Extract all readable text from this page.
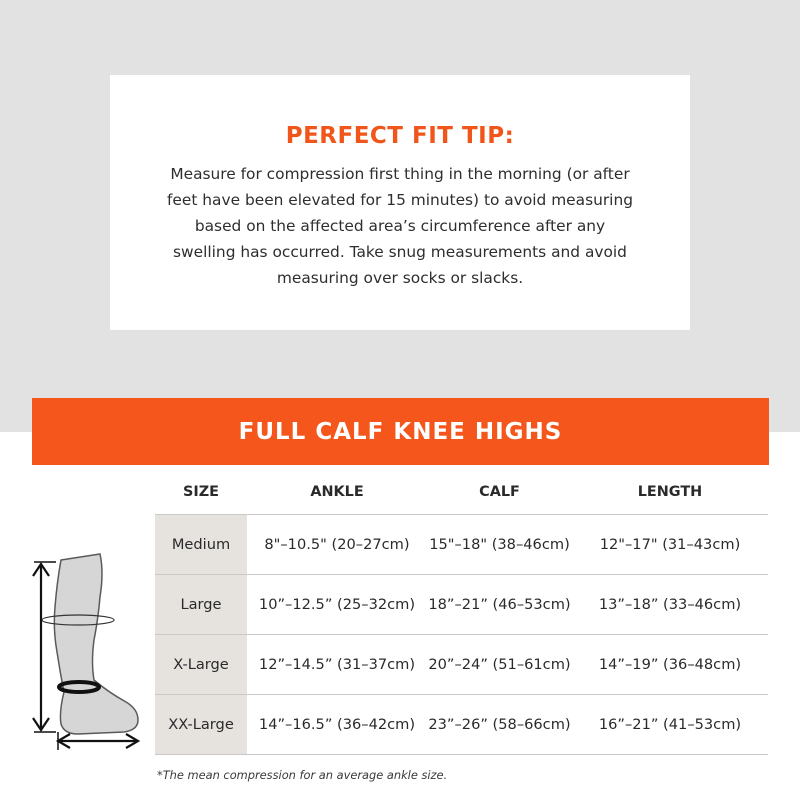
PERFECT FIT TIP:
Measure for compression first thing in the morning (or after feet have been elevated for 15 minutes) to avoid measuring based on the affected area’s circumference after any swelling has occurred. Take snug measurements and avoid measuring over socks or slacks.
FULL CALF KNEE HIGHS
SIZE	ANKLE	CALF	LENGTH
Medium	8"–10.5" (20–27cm)	15"–18" (38–46cm)	12"–17" (31–43cm)
Large	10”–12.5” (25–32cm)	18”–21” (46–53cm)	13”–18” (33–46cm)
X-Large	12”–14.5” (31–37cm)	20”–24” (51–61cm)	14”–19” (36–48cm)
XX-Large	14”–16.5” (36–42cm)	23”–26” (58–66cm)	16”–21” (41–53cm)
*The mean compression for an average ankle size.
